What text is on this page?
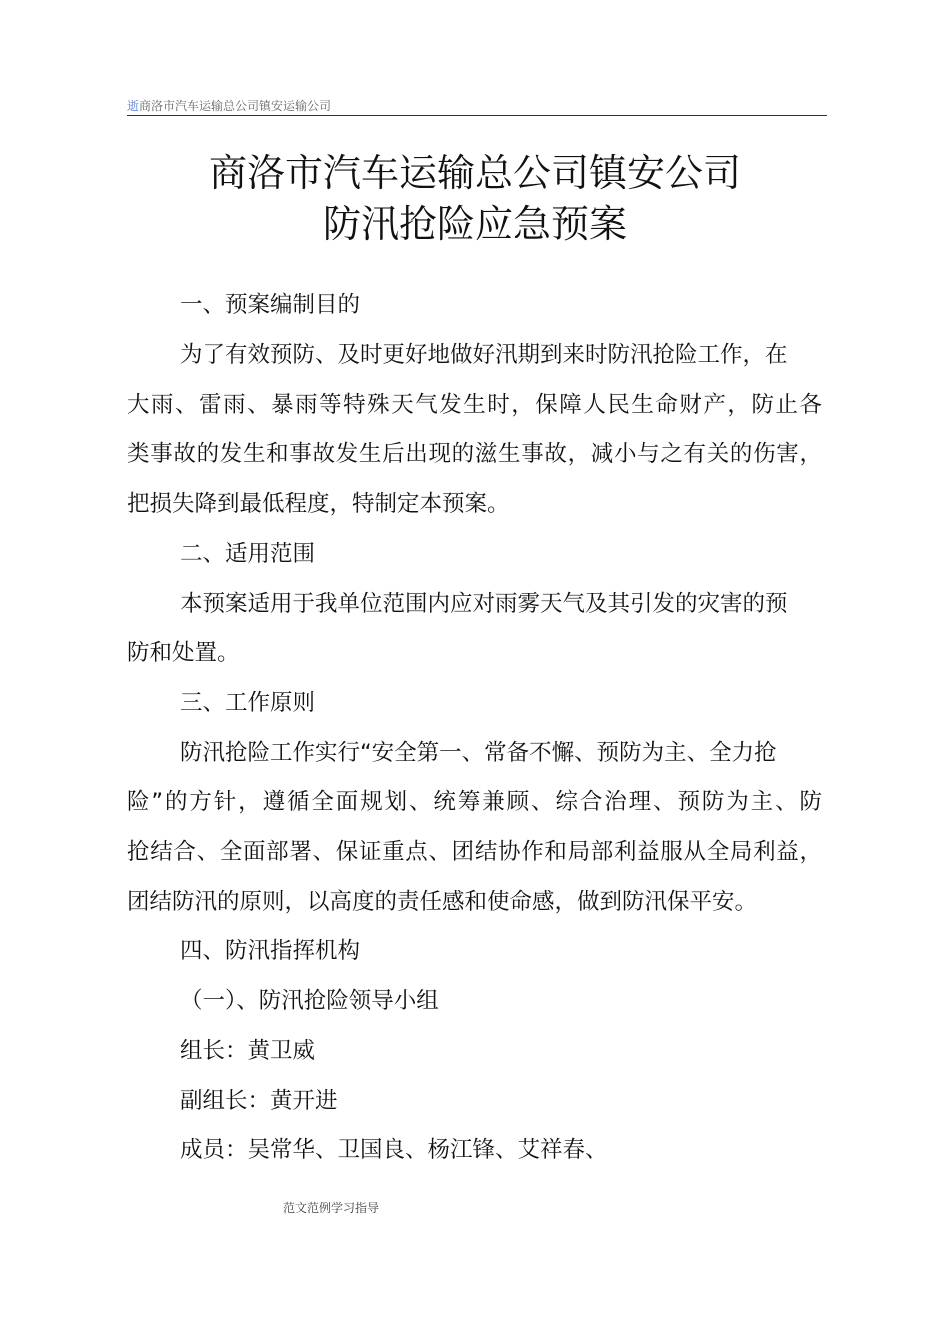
逝商洛市汽车运输总公司镇安运输公司
商洛市汽车运输总公司镇安公司
防汛抢险应急预案
一、预案编制目的
为了有效预防、及时更好地做好汛期到来时防汛抢险工作，在
大雨、雷雨、暴雨等特殊天气发生时，保障人民生命财产，防止各
类事故的发生和事故发生后出现的滋生事故，减小与之有关的伤害，
把损失降到最低程度，特制定本预案。
二、适用范围
本预案适用于我单位范围内应对雨雾天气及其引发的灾害的预
防和处置。
三、工作原则
防汛抢险工作实行“安全第一、常备不懈、预防为主、全力抢
险”的方针，遵循全面规划、统筹兼顾、综合治理、预防为主、防
抢结合、全面部署、保证重点、团结协作和局部利益服从全局利益，
团结防汛的原则，以高度的责任感和使命感，做到防汛保平安。
四、防汛指挥机构
（一）、防汛抢险领导小组
组长：黄卫威
副组长：黄开进
成员：吴常华、卫国良、杨江锋、艾祥春、
范文范例学习指导
